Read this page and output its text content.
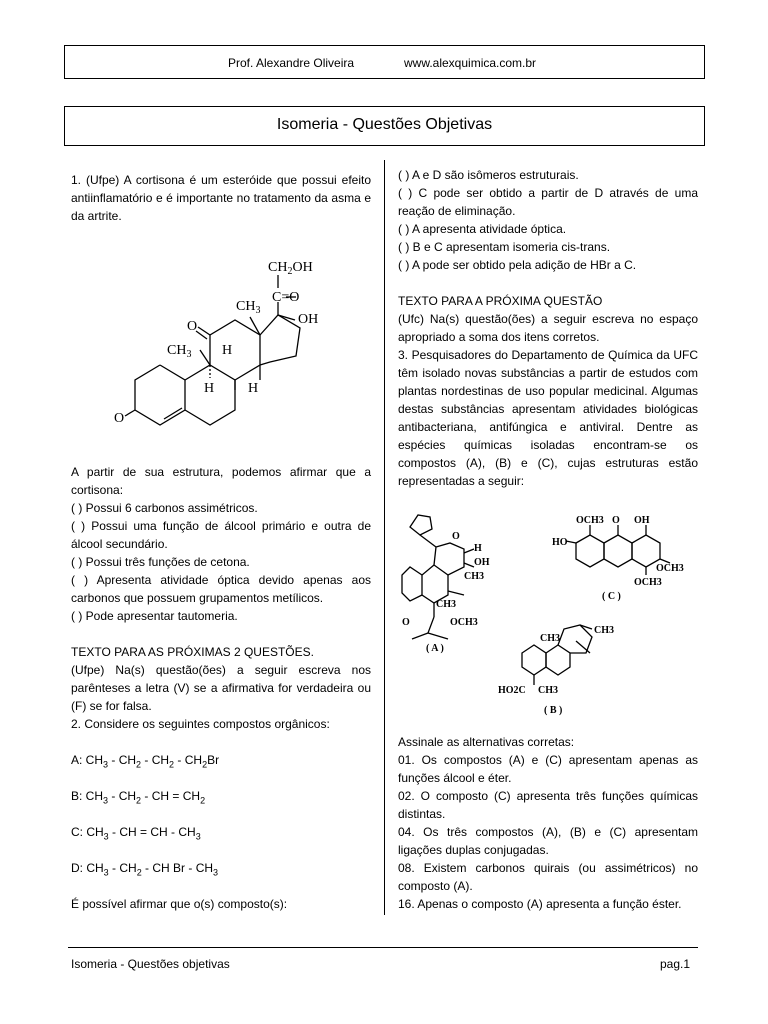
Prof. Alexandre Oliveira	www.alexquimica.com.br
Isomeria - Questões Objetivas

1. (Ufpe) A cortisona é um esteróide que possui efeito antiinflamatório e é importante no tratamento da asma e da artrite.

$CH_2OH$
C=O
$CH_3$
OH
O
$CH_3$ H
H H
O

A partir de sua estrutura, podemos afirmar que a cortisona:

( ) Possui 6 carbonos assimétricos.

( ) Possui uma função de álcool primário e outra de álcool secundário.

( ) Possui três funções de cetona.

( ) Apresenta atividade óptica devido apenas aos carbonos que possuem grupamentos metílicos.

( ) Pode apresentar tautomeria.

TEXTO PARA AS PRÓXIMAS 2 QUESTÕES.

(Ufpe) Na(s) questão(ões) a seguir escreva nos parênteses a letra (V) se a afirmativa for verdadeira ou (F) se for falsa.

2. Considere os seguintes compostos orgânicos:

A: $CH_3 - CH_2 - CH_2 - CH_2Br$
B: $CH_3 - CH_2$ - CH = $CH_2$
C: $CH_3$ - CH = CH - $CH_3$
D: $CH_3 - CH_2$ - CH Br - $CH_3$
É possível afirmar que o(s) composto(s):

( ) A e D são isômeros estruturais.

( ) C pode ser obtido a partir de D através de uma reação de eliminação.

( ) A apresenta atividade óptica.

( ) B e C apresentam isomeria cis-trans.

( ) A pode ser obtido pela adição de HBr a C.

TEXTO PARA A PRÓXIMA QUESTÃO

(Ufc) Na(s) questão(ões) a seguir escreva no espaço apropriado a soma dos itens corretos.

3. Pesquisadores do Departamento de Química da UFC têm isolado novas substâncias a partir de estudos com plantas nordestinas de uso popular medicinal. Algumas destas substâncias apresentam atividades biológicas antibacteriana, antifúngica e antiviral. Dentre as espécies químicas isoladas encontram-se os compostos (A), (B) e (C), cujas estruturas estão representadas a seguir:

O
H
OH
CH3
CH3
O	OCH3
( A )
OCH3 O OH
HO
OCH3
OCH3
( C )
CH3
CH3
HO2C CH3
( B )

Assinale as alternativas corretas:

01. Os compostos (A) e (C) apresentam apenas as funções álcool e éter.

02. O composto (C) apresenta três funções químicas distintas.

04. Os três compostos (A), (B) e (C) apresentam ligações duplas conjugadas.

08. Existem carbonos quirais (ou assimétricos) no composto (A).

16. Apenas o composto (A) apresenta a função éster.

Isomeria - Questões objetivas	pag.1
